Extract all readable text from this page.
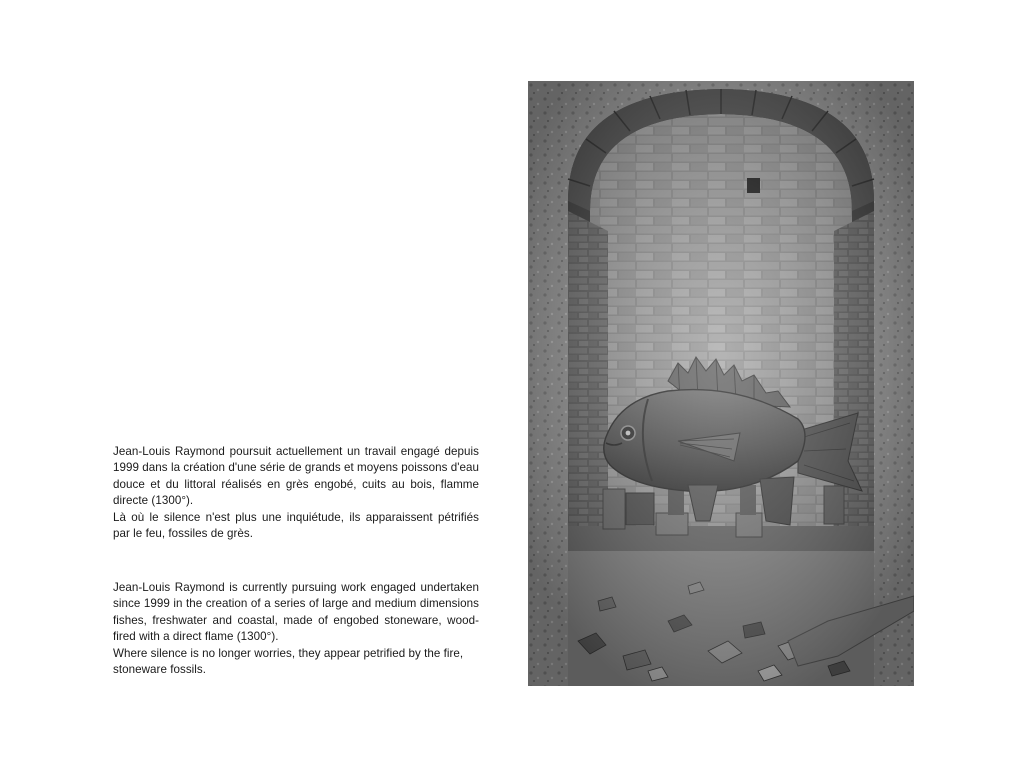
Jean-Louis Raymond poursuit actuellement un travail engagé depuis 1999 dans la création d'une série de grands et moyens poissons d'eau douce et du littoral réalisés en grès engobé, cuits au bois, flamme directe (1300°).

Là où le silence n'est plus une inquiétude, ils apparaissent pétrifiés par le feu, fossiles de grès.

Jean-Louis Raymond is currently pursuing work engaged undertaken since 1999 in the creation of a series of large and medium dimensions fishes, freshwater and coastal, made of engobed stoneware, wood-fired with a direct flame (1300°).

Where silence is no longer worries, they appear petrified by the fire, stoneware fossils.
